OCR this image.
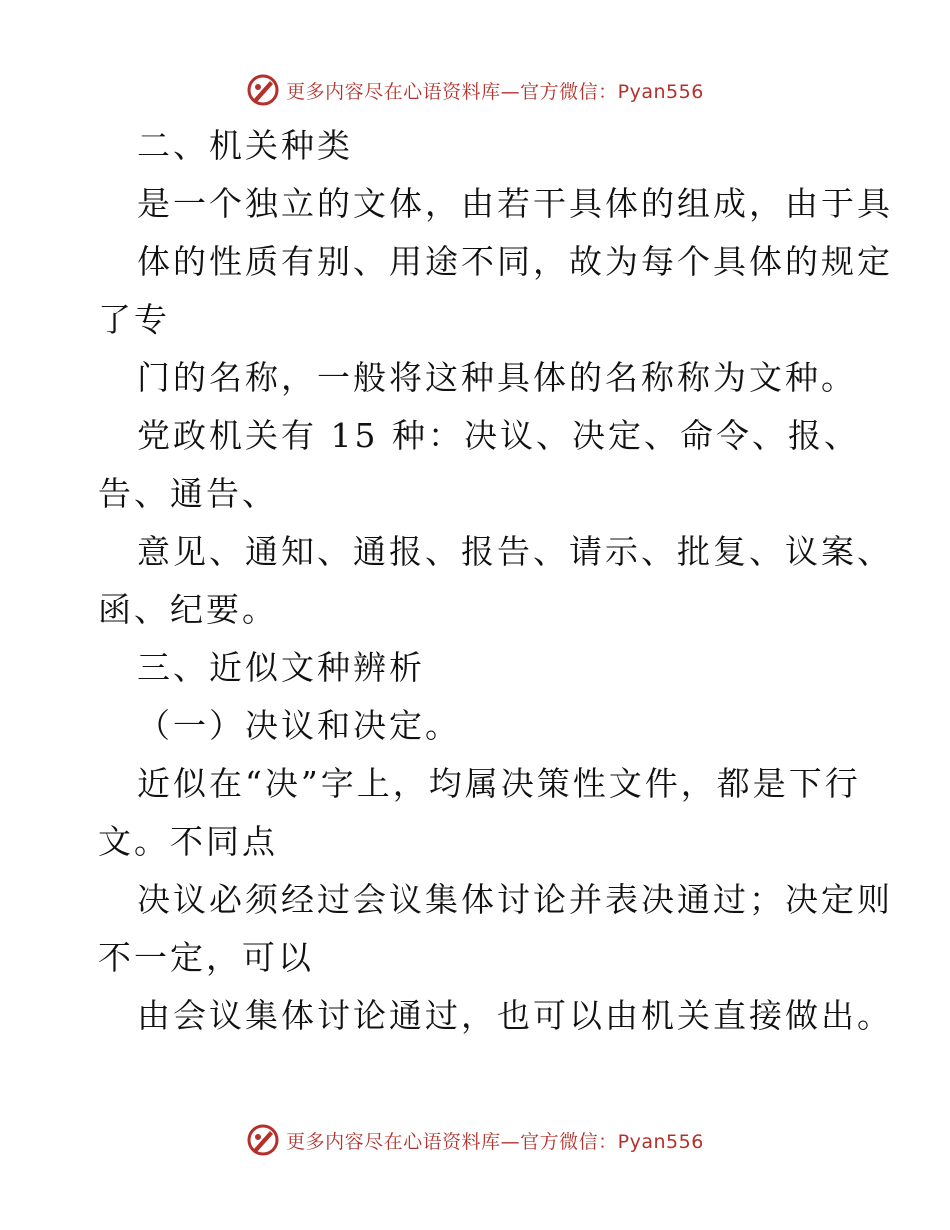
更多内容尽在心语资料库—官方微信：Pyan556
二、机关种类
是一个独立的文体，由若干具体的组成，由于具
体的性质有别、用途不同，故为每个具体的规定
了专
门的名称，一般将这种具体的名称称为文种。
党政机关有 15 种：决议、决定、命令、报、
告、通告、
意见、通知、通报、报告、请示、批复、议案、
函、纪要。
三、近似文种辨析
（一）决议和决定。
近似在“决”字上，均属决策性文件，都是下行
文。不同点
决议必须经过会议集体讨论并表决通过；决定则
不一定，可以
由会议集体讨论通过，也可以由机关直接做出。
更多内容尽在心语资料库—官方微信：Pyan556
